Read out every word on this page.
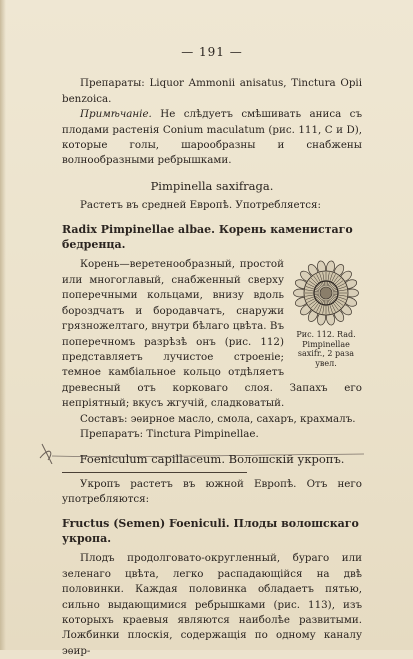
— 191 —

Препараты: Liquor Ammonii anisatus, Tinctura Opii benzoica.

Примѣчаніе. Не слѣдуетъ смѣшивать аниса съ плодами растенія Conium maculatum (рис. 111, C и D), которые голы, шарообразны и снабжены волнообразными ребрышками.

Pimpinella saxifraga.

Растетъ въ средней Европѣ. Употребляется:

Radix Pimpinellae albae. Корень каменистаго бедренца.
Рис. 112. Rad. Pimpinellae saxifr., 2 раза увел.

Корень—веретенообразный, простой или многоглавый, снабженный сверху поперечными кольцами, внизу вдоль бороздчатъ и бородавчатъ, снаружи грязножелтаго, внутри бѣлаго цвѣта. Въ поперечномъ разрѣзѣ онъ (рис. 112) представляетъ лучистое строеніе; темное камбіальное кольцо отдѣляетъ древесный отъ корковаго слоя. Запахъ его непріятный; вкусъ жгучій, сладковатый.

Составъ: эѳирное масло, смола, сахаръ, крахмалъ.

Препаратъ: Tinctura Pimpinellae.

Foeniculum capillaceum. Волошскій укропъ.

Укропъ растетъ въ южной Европѣ. Отъ него употребляются:

Fructus (Semen) Foeniculi. Плоды волошскаго укропа.

Плодъ продолговато-округленный, бураго или зеленаго цвѣта, легко распадающійся на двѣ половинки. Каждая половинка обладаетъ пятью, сильно выдающимися ребрышками (рис. 113), изъ которыхъ краевыя являются наиболѣе развитыми. Ложбинки плоскія, содержащія по одному каналу эѳир-
